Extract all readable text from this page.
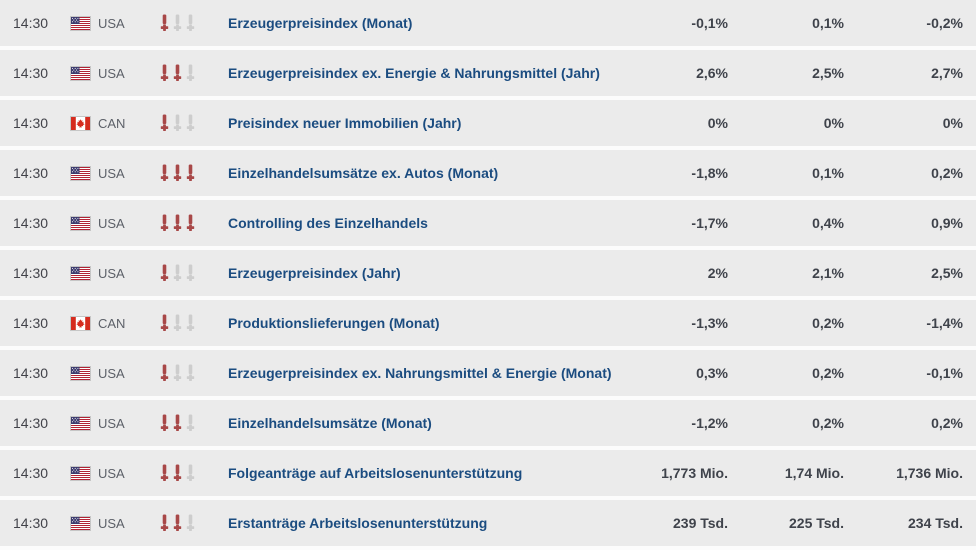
14:30	USA	Erzeugerpreisindex (Monat)	-0,1%	0,1%	-0,2%
14:30	USA	Erzeugerpreisindex ex. Energie & Nahrungsmittel (Jahr)	2,6%	2,5%	2,7%
14:30	CAN	Preisindex neuer Immobilien (Jahr)	0%	0%	0%
14:30	USA	Einzelhandelsumsätze ex. Autos (Monat)	-1,8%	0,1%	0,2%
14:30	USA	Controlling des Einzelhandels	-1,7%	0,4%	0,9%
14:30	USA	Erzeugerpreisindex (Jahr)	2%	2,1%	2,5%
14:30	CAN	Produktionslieferungen (Monat)	-1,3%	0,2%	-1,4%
14:30	USA	Erzeugerpreisindex ex. Nahrungsmittel & Energie (Monat)	0,3%	0,2%	-0,1%
14:30	USA	Einzelhandelsumsätze (Monat)	-1,2%	0,2%	0,2%
14:30	USA	Folgeanträge auf Arbeitslosenunterstützung	1,773 Mio.	1,74 Mio.	1,736 Mio.
14:30	USA	Erstanträge Arbeitslosenunterstützung	239 Tsd.	225 Tsd.	234 Tsd.
